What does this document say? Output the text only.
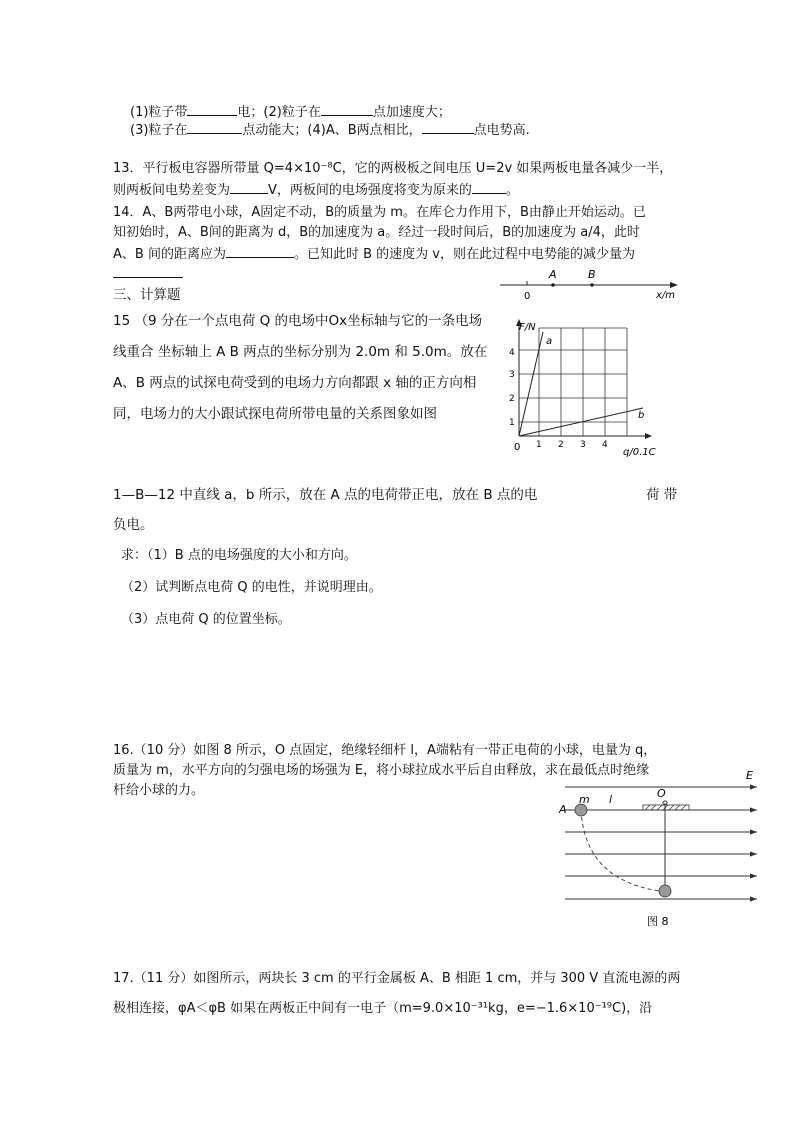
(1)粒子带	电；(2)粒子在	点加速度大；
(3)粒子在	点动能大；(4)A、B两点相比，	点电势高.
13．平行板电容器所带量 Q=4×10⁻⁸C，它的两极板之间电压 U=2v 如果两板电量各减少一半，
则两板间电势差变为	V，两板间的电场强度将变为原来的	。
14．A、B两带电小球，A固定不动，B的质量为 m。在库仑力作用下，B由静止开始运动。已
知初始时，A、B间的距离为 d，B的加速度为 a。经过一段时间后，B的加速度为 a/4，此时
A、B 间的距离应为	。已知此时 B 的速度为 v，则在此过程中电势能的减少量为
三、计算题
15 （9 分在一个点电荷 Q 的电场中Ox坐标轴与它的一条电场
线重合 坐标轴上 A B 两点的坐标分别为 2.0m 和 5.0m。放在
A、B 两点的试探电荷受到的电场力方向都跟 x 轴的正方向相
同，电场力的大小跟试探电荷所带电量的关系图象如图
1—B—12 中直线 a，b 所示，放在 A 点的电荷带正电，放在 B 点的电	荷 带
负电。
求：（1）B 点的电场强度的大小和方向。
（2）试判断点电荷 Q 的电性，并说明理由。
（3）点电荷 Q 的位置坐标。
A	B
0	x/m
F/N
a
b
0
1
2
3
4
1 2 3 4
q/0.1C
16.（10 分）如图 8 所示，O 点固定，绝缘轻细杆 l，A端粘有一带正电荷的小球，电量为 q，
质量为 m，水平方向的匀强电场的场强为 E，将小球拉成水平后自由释放，求在最低点时绝缘
杆给小球的力。
E
A
m l	O
图 8
17.（11 分）如图所示，两块长 3 cm 的平行金属板 A、B 相距 1 cm，并与 300 V 直流电源的两
极相连接，φA＜φB 如果在两板正中间有一电子（m=9.0×10⁻³¹kg，e=−1.6×10⁻¹⁹C)，沿
